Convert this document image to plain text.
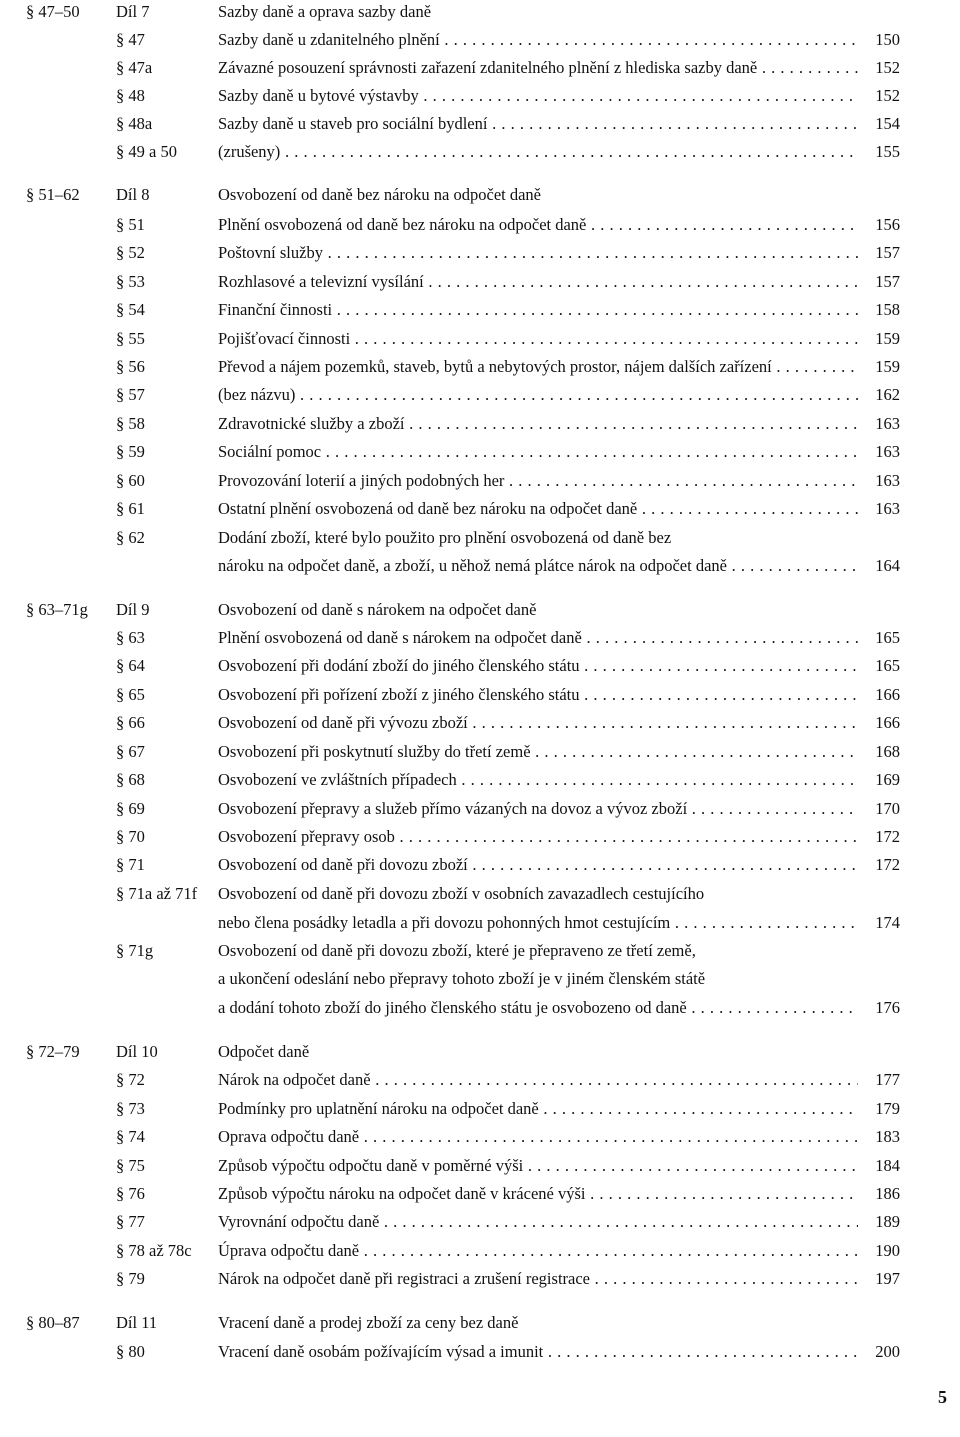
§ 47–50 Díl 7	Sazby daně a oprava sazby daně
§ 47	Sazby daně u zdanitelného plnění . . .	150
§ 47a	Závazné posouzení správnosti zařazení zdanitelného plnění z hlediska sazby daně . . .	152
§ 48	Sazby daně u bytové výstavby . . .	152
§ 48a	Sazby daně u staveb pro sociální bydlení . . .	154
§ 49 a 50 (zrušeny) . . .	155
§ 51–62 Díl 8	Osvobození od daně bez nároku na odpočet daně
§ 51	Plnění osvobozená od daně bez nároku na odpočet daně . . .	156
§ 52	Poštovní služby . . .	157
§ 53	Rozhlasové a televizní vysílání . . .	157
§ 54	Finanční činnosti . . .	158
§ 55	Pojišťovací činnosti . . .	159
§ 56	Převod a nájem pozemků, staveb, bytů a nebytových prostor, nájem dalších zařízení . . .	159
§ 57	(bez názvu) . . .	162
§ 58	Zdravotnické služby a zboží . . .	163
§ 59	Sociální pomoc . . .	163
§ 60	Provozování loterií a jiných podobných her . . .	163
§ 61	Ostatní plnění osvobozená od daně bez nároku na odpočet daně . . .	163
§ 62	Dodání zboží, které bylo použito pro plnění osvobozená od daně bez
nároku na odpočet daně, a zboží, u něhož nemá plátce nárok na odpočet daně . . .	164
§ 63–71g Díl 9	Osvobození od daně s nárokem na odpočet daně
§ 63	Plnění osvobozená od daně s nárokem na odpočet daně . . .	165
§ 64	Osvobození při dodání zboží do jiného členského státu . . .	165
§ 65	Osvobození při pořízení zboží z jiného členského státu . . .	166
§ 66	Osvobození od daně při vývozu zboží . . .	166
§ 67	Osvobození při poskytnutí služby do třetí země . . .	168
§ 68	Osvobození ve zvláštních případech . . .	169
§ 69	Osvobození přepravy a služeb přímo vázaných na dovoz a vývoz zboží . . .	170
§ 70	Osvobození přepravy osob . . .	172
§ 71	Osvobození od daně při dovozu zboží . . .	172
§ 71a až 71f Osvobození od daně při dovozu zboží v osobních zavazadlech cestujícího
nebo člena posádky letadla a při dovozu pohonných hmot cestujícím . . .	174
§ 71g	Osvobození od daně při dovozu zboží, které je přepraveno ze třetí země,
a ukončení odeslání nebo přepravy tohoto zboží je v jiném členském státě
a dodání tohoto zboží do jiného členského státu je osvobozeno od daně . . .	176
§ 72–79 Díl 10	Odpočet daně
§ 72	Nárok na odpočet daně . . .	177
§ 73	Podmínky pro uplatnění nároku na odpočet daně . . .	179
§ 74	Oprava odpočtu daně . . .	183
§ 75	Způsob výpočtu odpočtu daně v poměrné výši . . .	184
§ 76	Způsob výpočtu nároku na odpočet daně v krácené výši . . .	186
§ 77	Vyrovnání odpočtu daně . . .	189
§ 78 až 78c Úprava odpočtu daně . . .	190
§ 79	Nárok na odpočet daně při registraci a zrušení registrace . . .	197
§ 80–87 Díl 11	Vracení daně a prodej zboží za ceny bez daně
§ 80	Vracení daně osobám požívajícím výsad a imunit . . .	200
5
